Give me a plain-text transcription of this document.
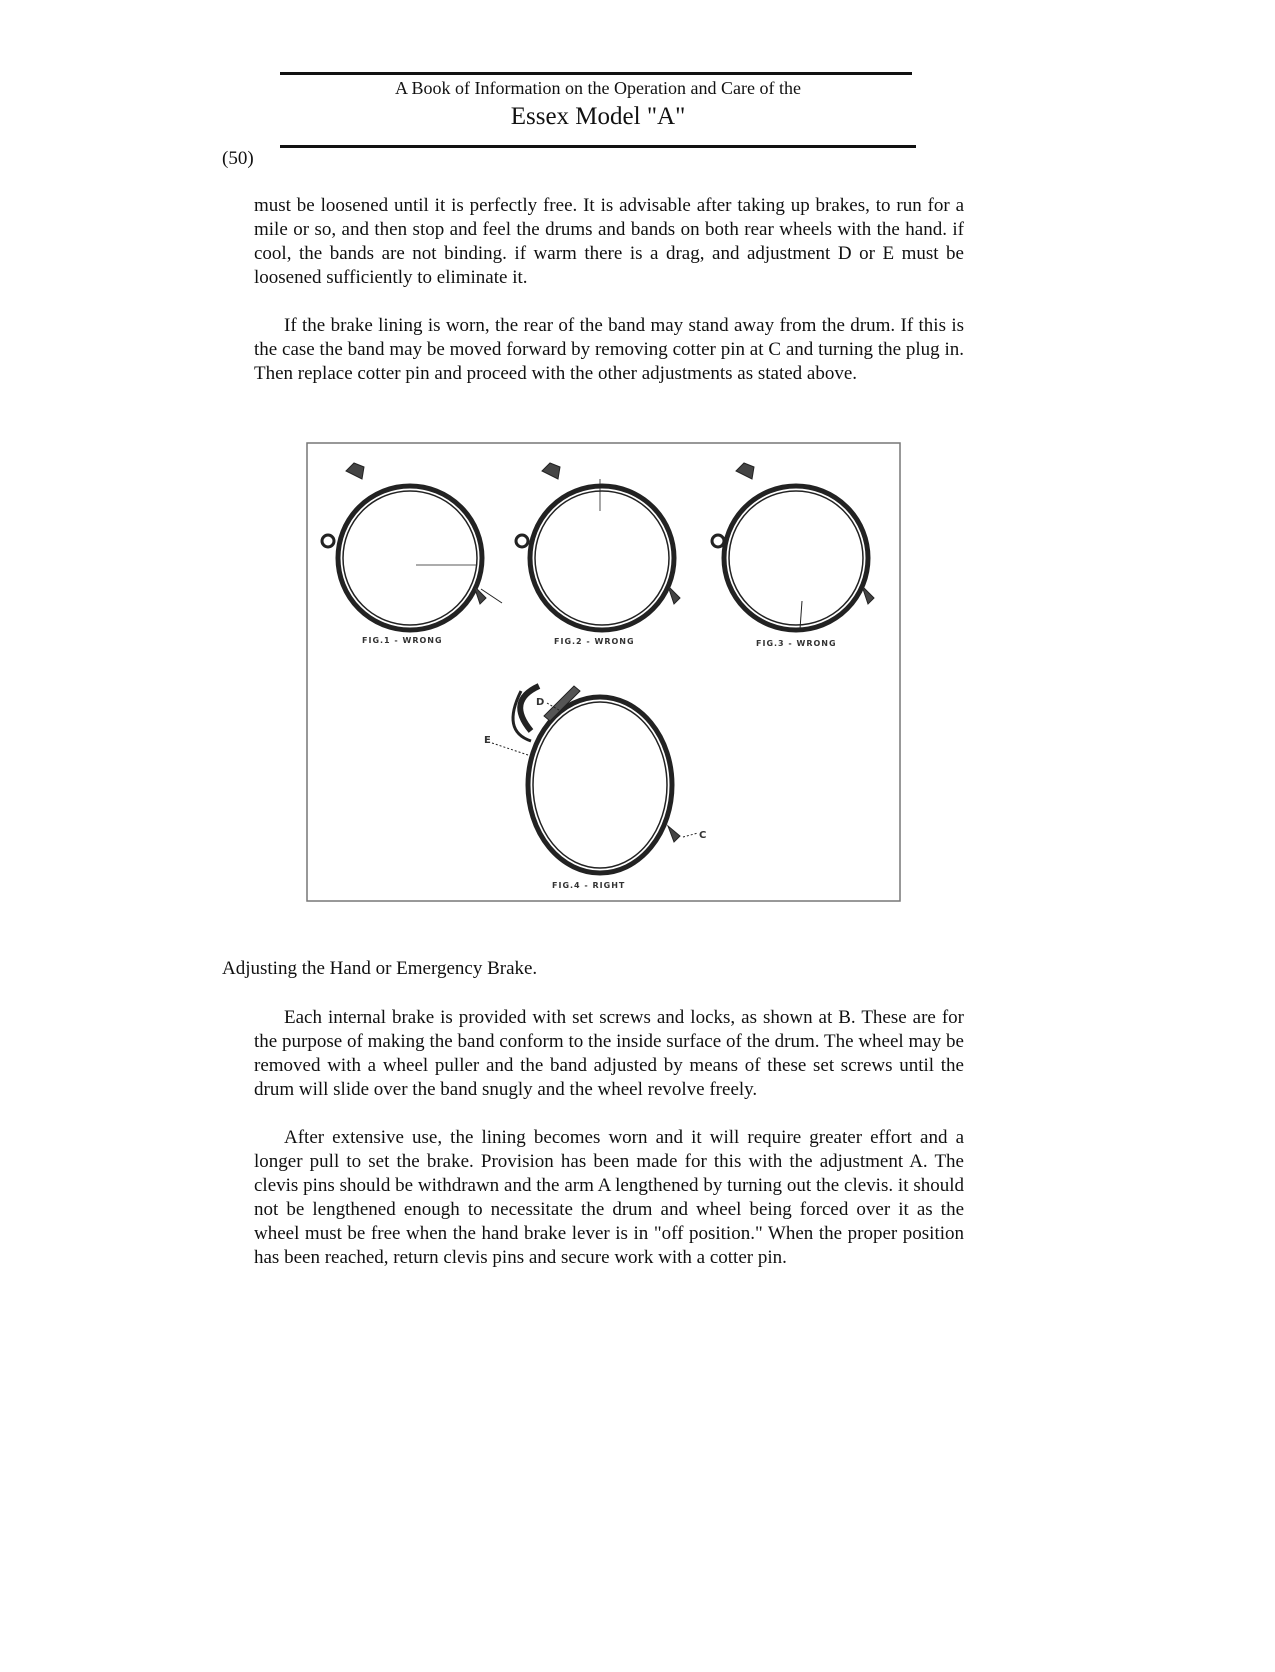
A Book of Information on the Operation and Care of the
Essex Model "A"
(50)

must be loosened until it is perfectly free. It is advisable after taking up brakes, to run for a mile or so, and then stop and feel the drums and bands on both rear wheels with the hand. if cool, the bands are not binding. if warm there is a drag, and adjustment D or E must be loosened sufficiently to eliminate it.

If the brake lining is worn, the rear of the band may stand away from the drum. If this is the case the band may be moved forward by removing cotter pin at C and turning the plug in. Then replace cotter pin and proceed with the other adjustments as stated above.

FIG.1 - WRONG	FIG.2 - WRONG	FIG.3 - WRONG
D
E
C
FIG.4 - RIGHT
Adjusting the Hand or Emergency Brake.

Each internal brake is provided with set screws and locks, as shown at B. These are for the purpose of making the band conform to the inside surface of the drum. The wheel may be removed with a wheel puller and the band adjusted by means of these set screws until the drum will slide over the band snugly and the wheel revolve freely.

After extensive use, the lining becomes worn and it will require greater effort and a longer pull to set the brake. Provision has been made for this with the adjustment A. The clevis pins should be withdrawn and the arm A lengthened by turning out the clevis. it should not be lengthened enough to necessitate the drum and wheel being forced over it as the wheel must be free when the hand brake lever is in "off position." When the proper position has been reached, return clevis pins and secure work with a cotter pin.
